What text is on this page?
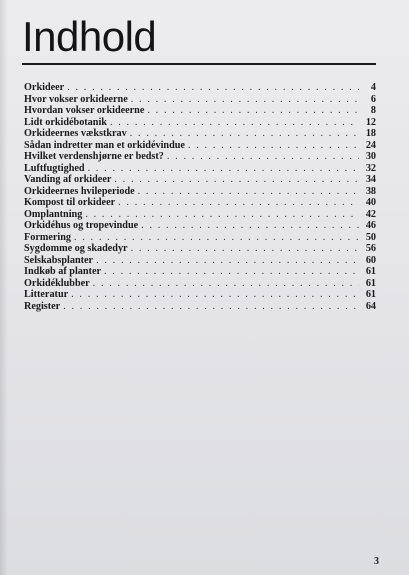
Indhold
Orkideer . . .	4
Hvor vokser orkideerne . . .	6
Hvordan vokser orkideerne . . .	8
Lidt orkidébotanik . . .	12
Orkideernes vækstkrav . . .	18
Sådan indretter man et orkidévindue . . .	24
Hvilket verdenshjørne er bedst? . . .	30
Luftfugtighed . . .	32
Vanding af orkideer . . .	34
Orkideernes hvileperiode . . .	38
Kompost til orkideer . . .	40
Omplantning . . .	42
Orkidéhus og tropevindue . . .	46
Formering . . .	50
Sygdomme og skadedyr . . .	56
Selskabsplanter . . .	60
Indkøb af planter . . .	61
Orkidéklubber . . .	61
Litteratur . . .	61
Register . . .	64
3
